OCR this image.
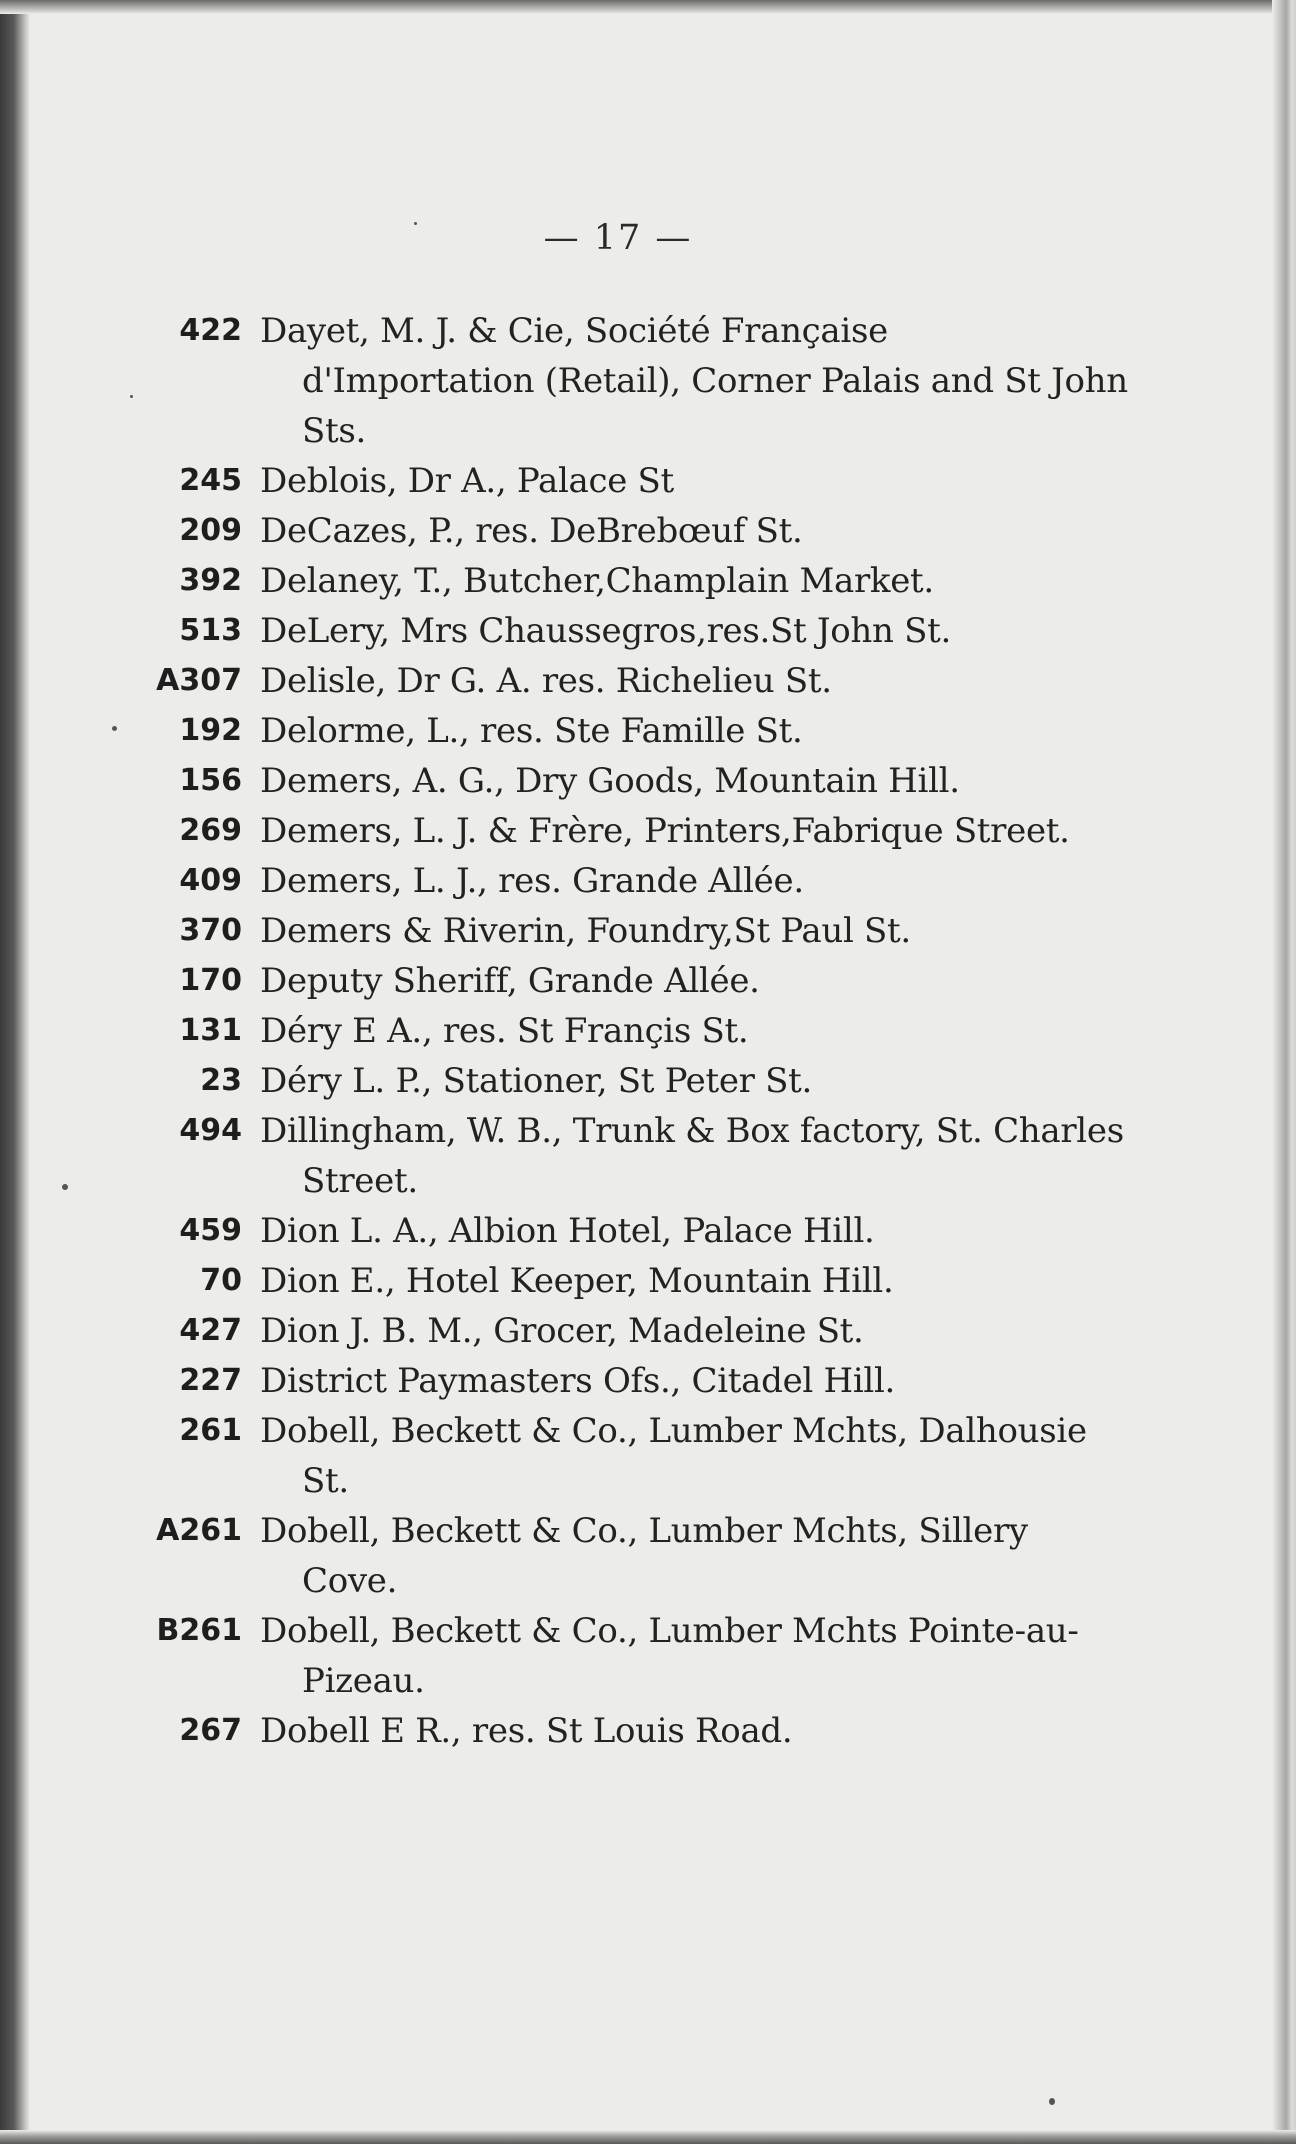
— 17 —
422 Dayet, M. J. & Cie, Société Française d'Importation (Retail), Corner Palais and St John Sts.
245 Deblois, Dr A., Palace St
209 DeCazes, P., res. DeBrebœuf St.
392 Delaney, T., Butcher,Champlain Market.
513 DeLery, Mrs Chaussegros,res.St John St.
A307 Delisle, Dr G. A. res. Richelieu St.
192 Delorme, L., res. Ste Famille St.
156 Demers, A. G., Dry Goods, Mountain Hill.
269 Demers, L. J. & Frère, Printers,Fabrique Street.
409 Demers, L. J., res. Grande Allée.
370 Demers & Riverin, Foundry,St Paul St.
170 Deputy Sheriff, Grande Allée.
131 Déry E A., res. St Françis St.
23 Déry L. P., Stationer, St Peter St.
494 Dillingham, W. B., Trunk & Box factory, St. Charles Street.
459 Dion L. A., Albion Hotel, Palace Hill.
70 Dion E., Hotel Keeper, Mountain Hill.
427 Dion J. B. M., Grocer, Madeleine St.
227 District Paymasters Ofs., Citadel Hill.
261 Dobell, Beckett & Co., Lumber Mchts, Dalhousie St.
A261 Dobell, Beckett & Co., Lumber Mchts, Sillery Cove.
B261 Dobell, Beckett & Co., Lumber Mchts Pointe-au-Pizeau.
267 Dobell E R., res. St Louis Road.
